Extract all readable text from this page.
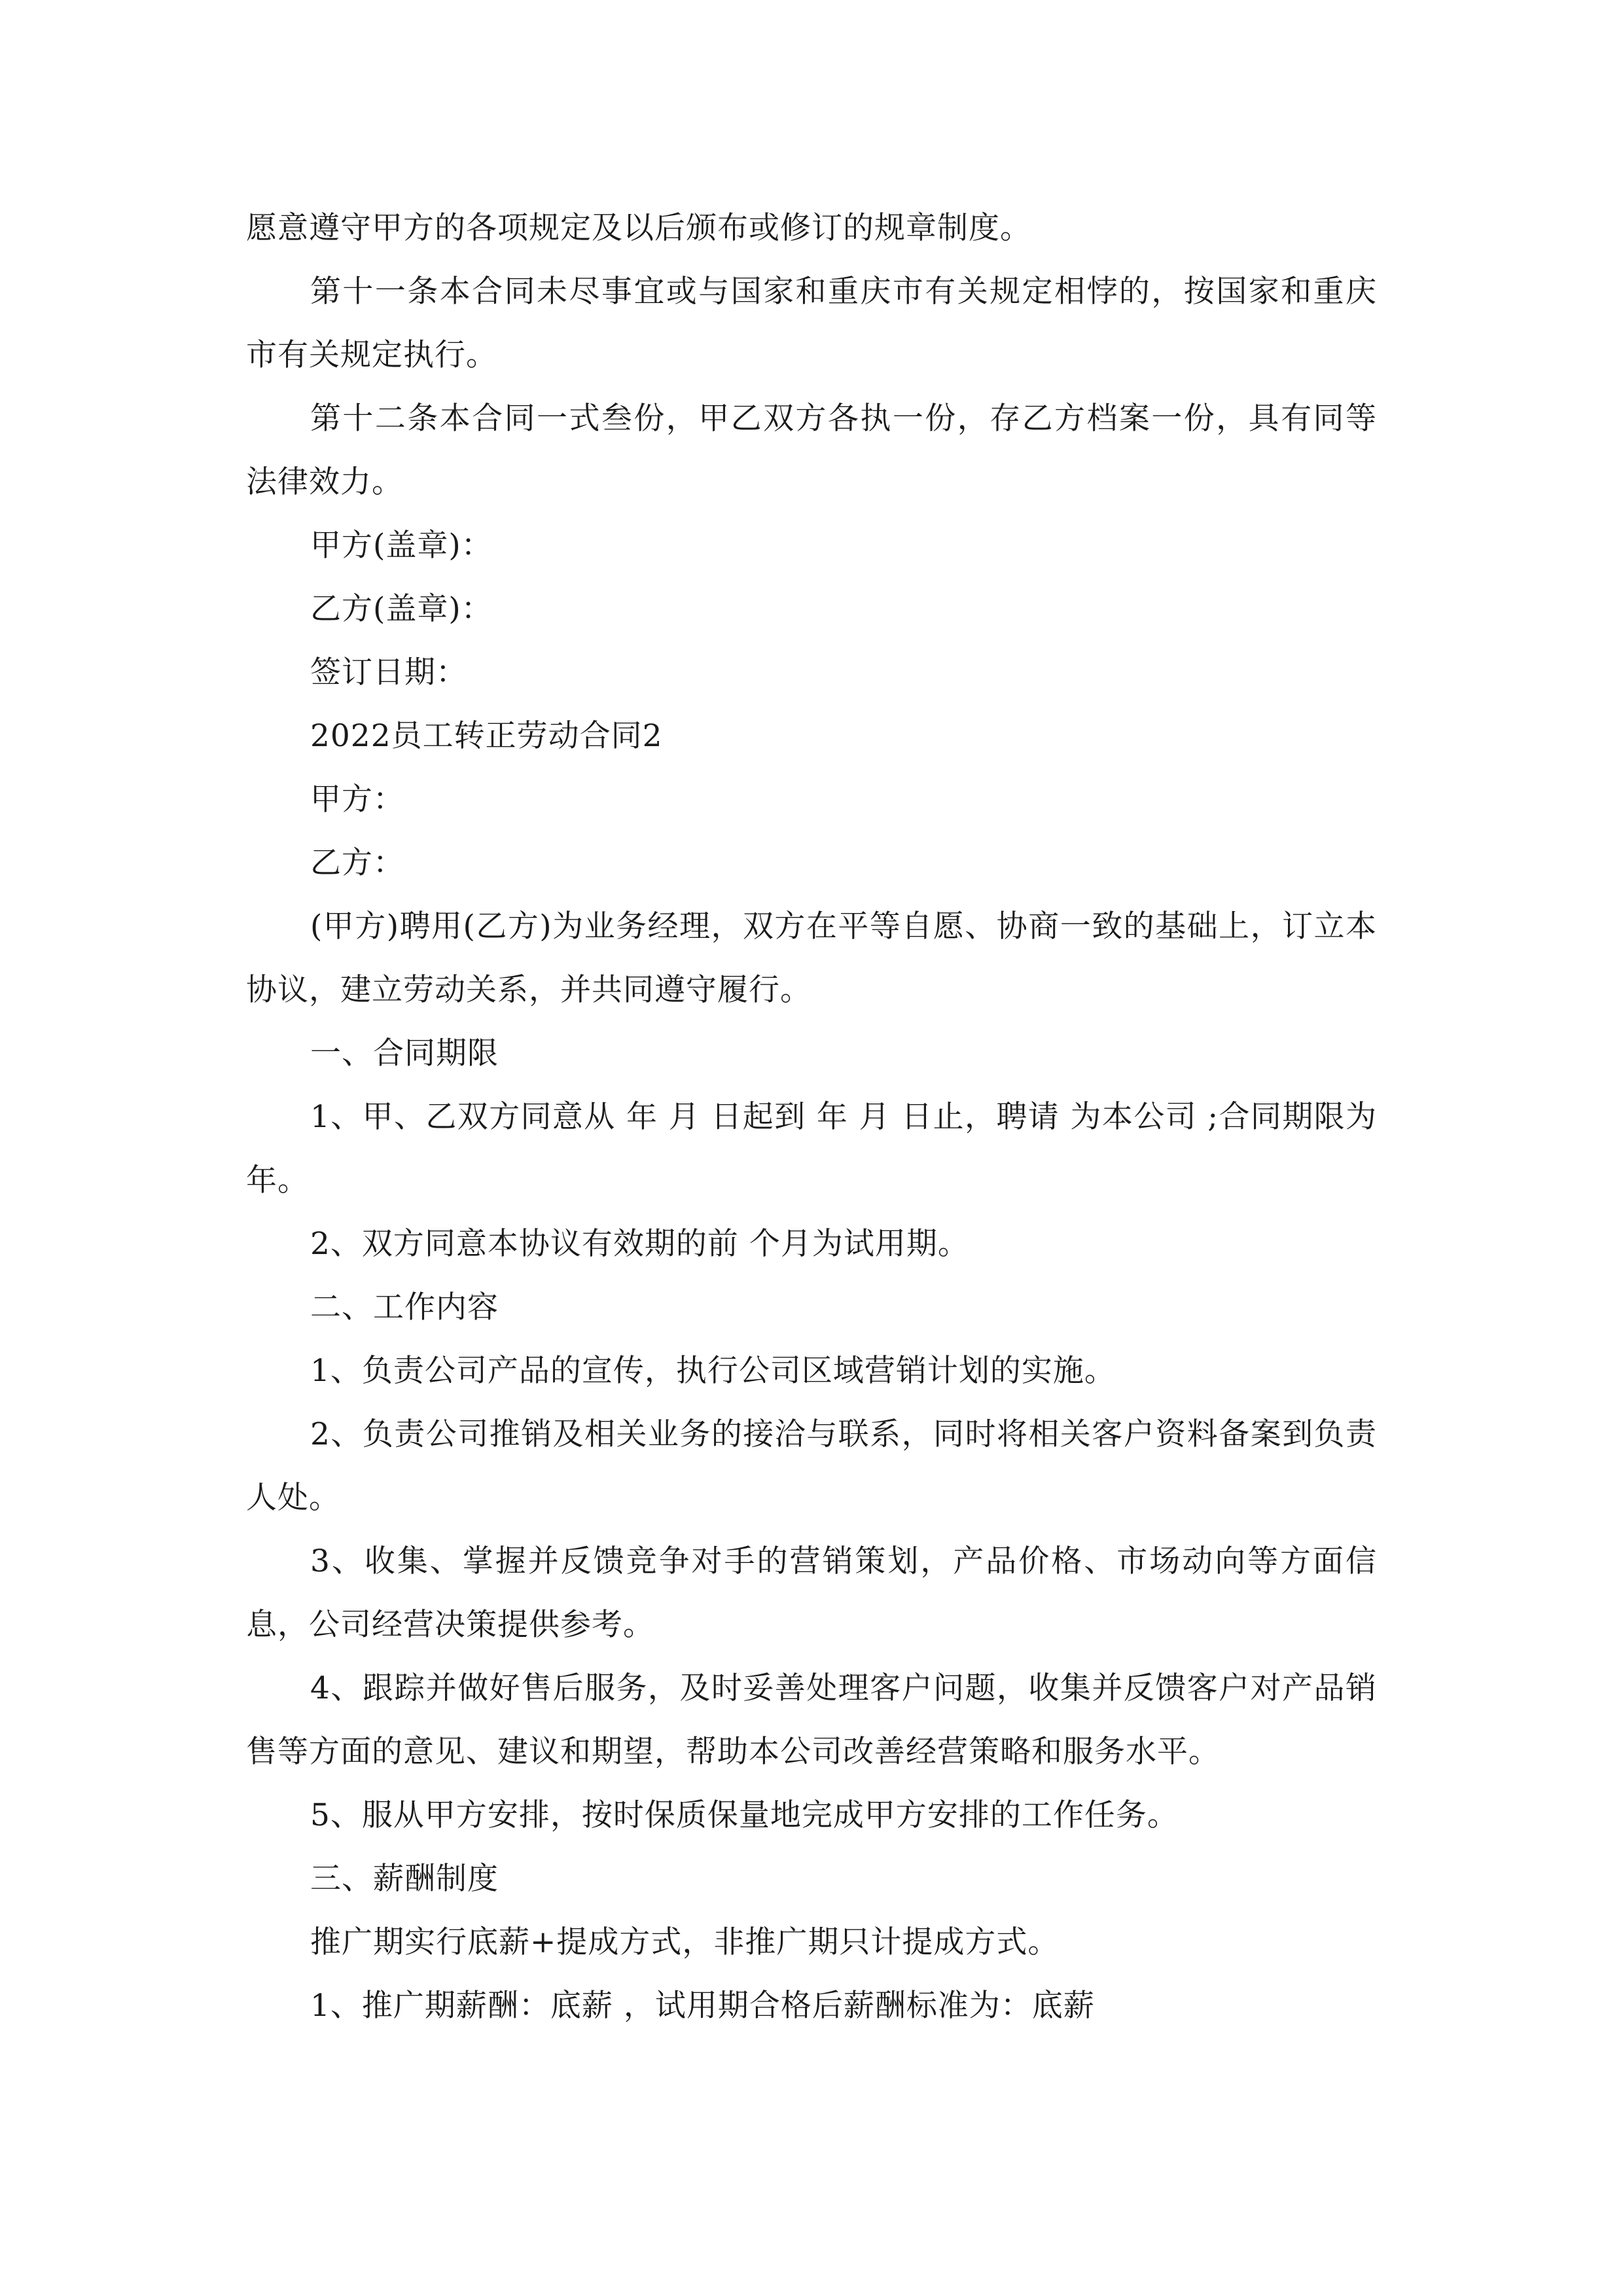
愿意遵守甲方的各项规定及以后颁布或修订的规章制度。

第十一条本合同未尽事宜或与国家和重庆市有关规定相悖的，按国家和重庆市有关规定执行。

第十二条本合同一式叁份，甲乙双方各执一份，存乙方档案一份，具有同等法律效力。

甲方(盖章)：

乙方(盖章)：

签订日期：

2022员工转正劳动合同2

甲方：

乙方：

(甲方)聘用(乙方)为业务经理，双方在平等自愿、协商一致的基础上，订立本协议，建立劳动关系，并共同遵守履行。

一、合同期限

1、甲、乙双方同意从 年 月 日起到 年 月 日止，聘请 为本公司 ;合同期限为 年。

2、双方同意本协议有效期的前 个月为试用期。

二、工作内容

1、负责公司产品的宣传，执行公司区域营销计划的实施。

2、负责公司推销及相关业务的接洽与联系，同时将相关客户资料备案到负责人处。

3、收集、掌握并反馈竞争对手的营销策划，产品价格、市场动向等方面信息，公司经营决策提供参考。

4、跟踪并做好售后服务，及时妥善处理客户问题，收集并反馈客户对产品销售等方面的意见、建议和期望，帮助本公司改善经营策略和服务水平。

5、服从甲方安排，按时保质保量地完成甲方安排的工作任务。

三、薪酬制度

推广期实行底薪+提成方式，非推广期只计提成方式。

1、推广期薪酬：底薪 ，试用期合格后薪酬标准为：底薪
